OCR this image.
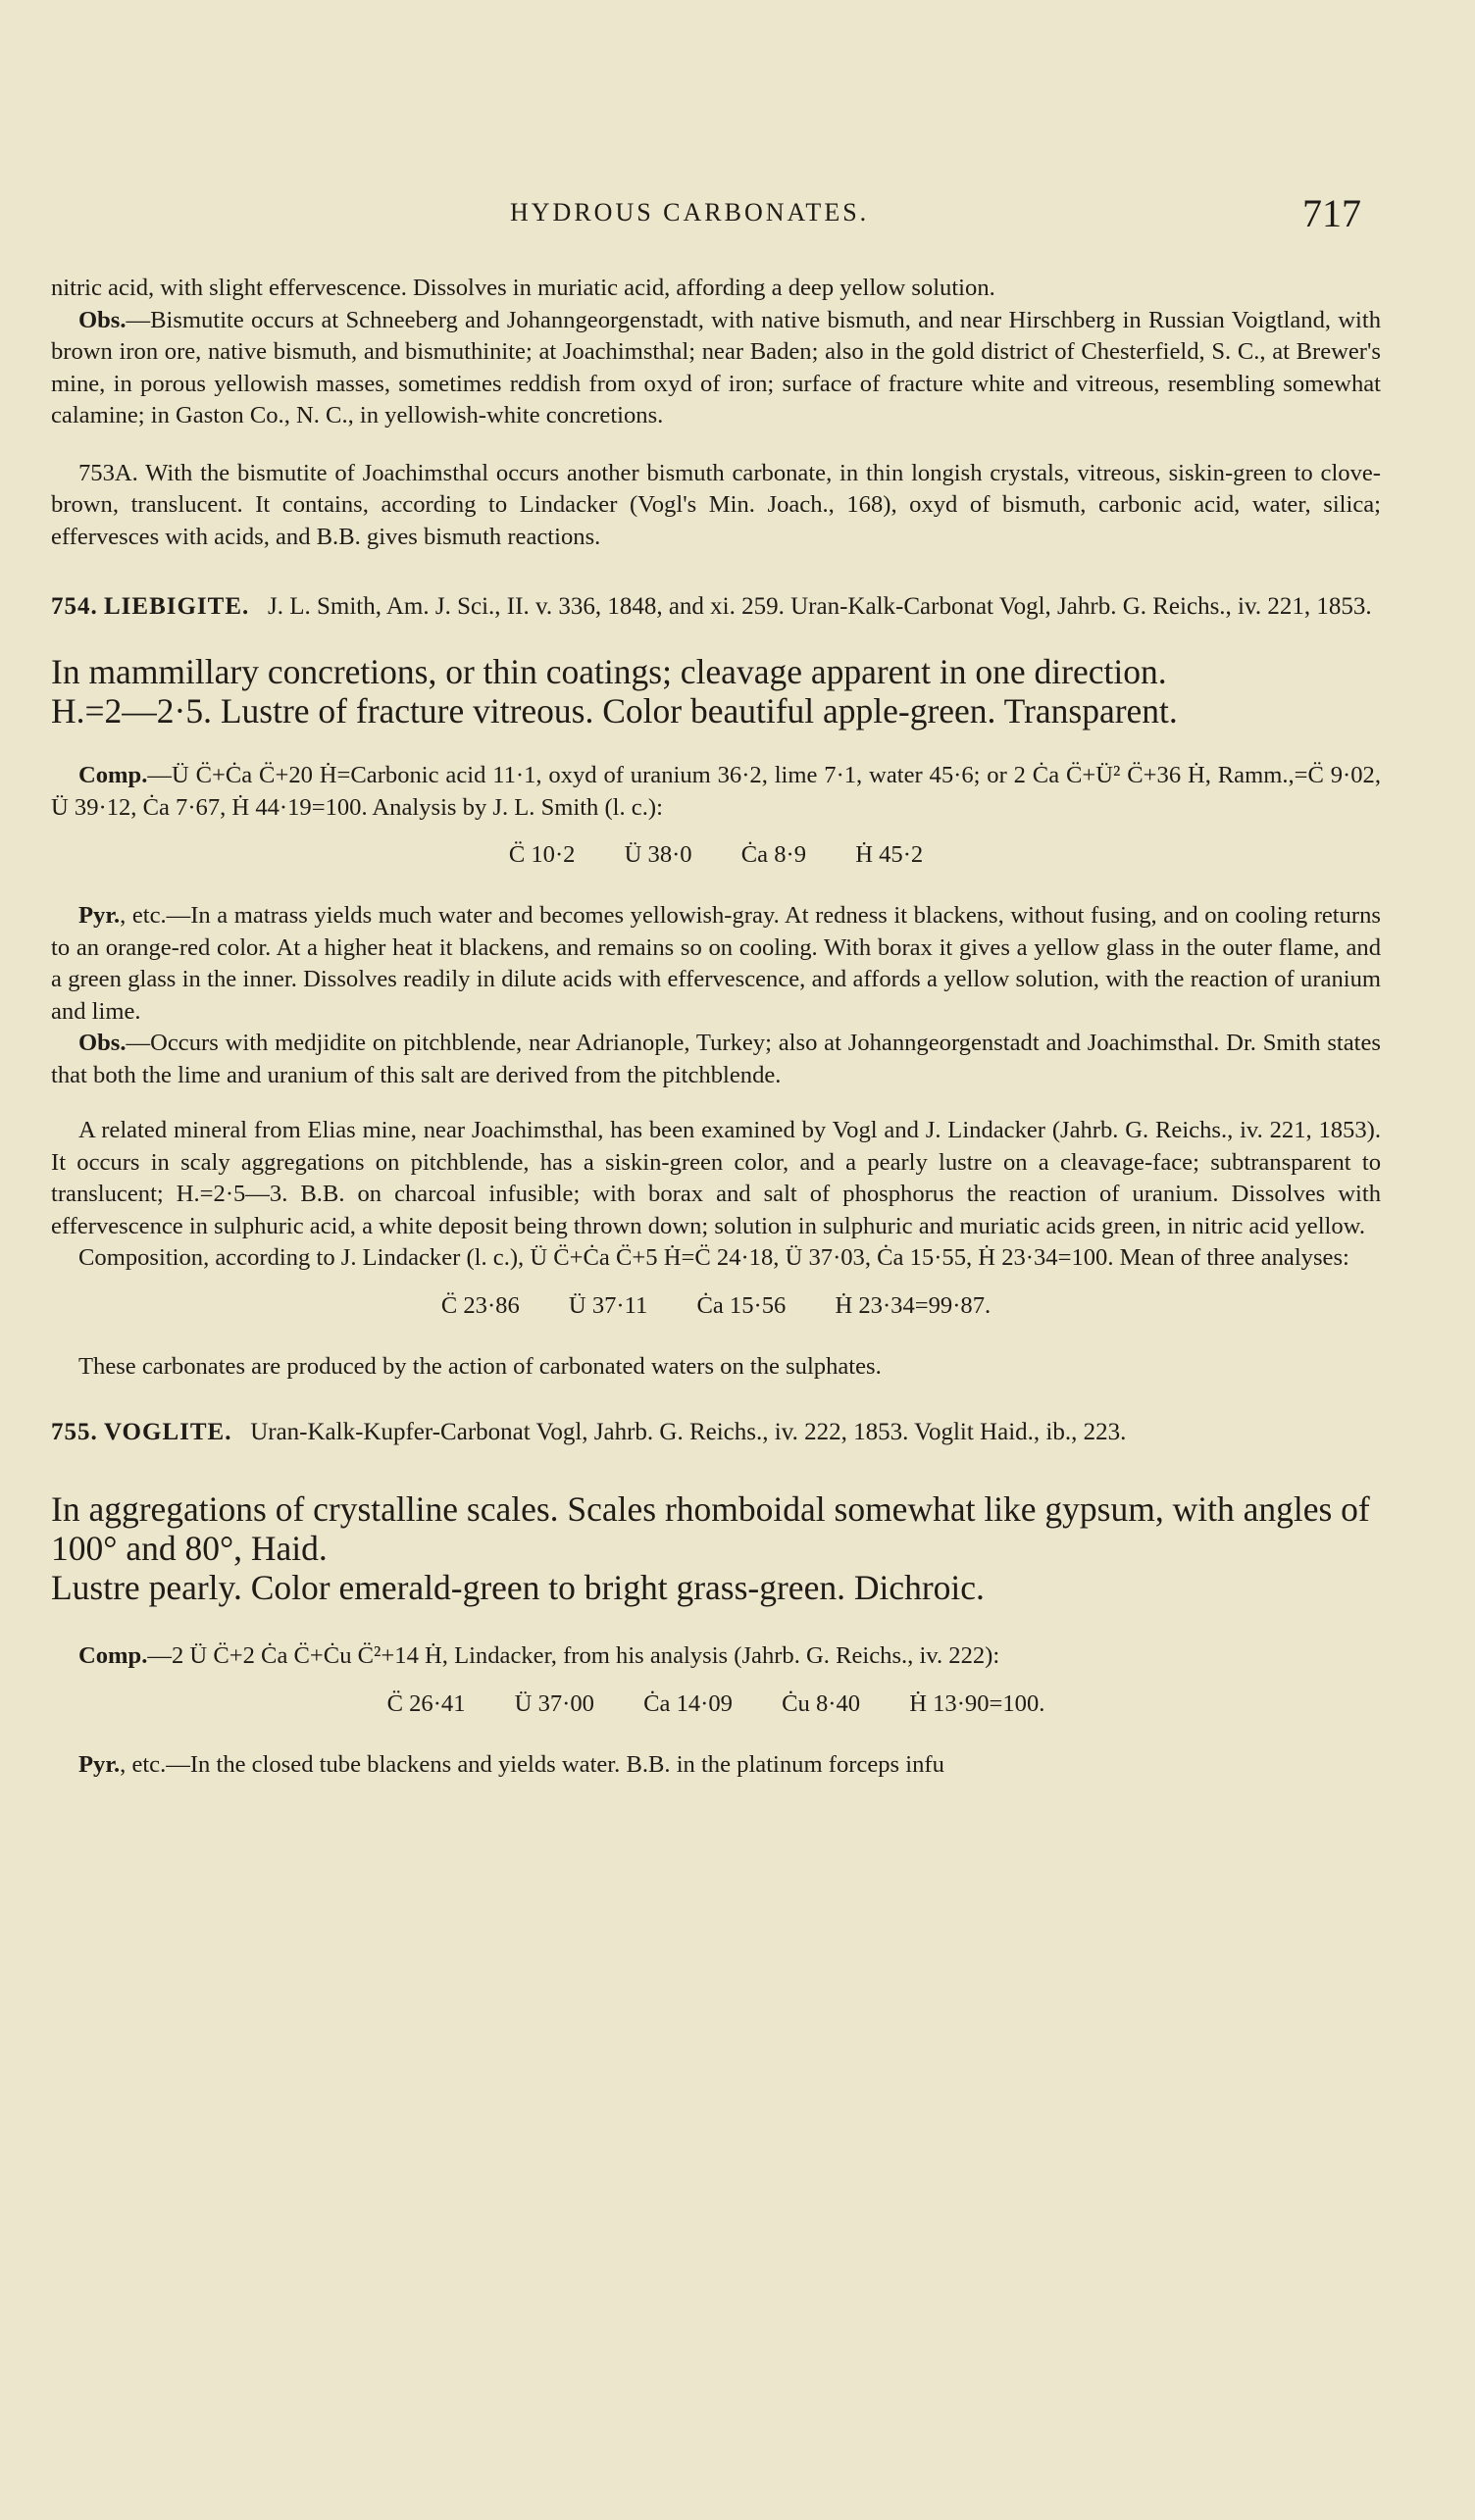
HYDROUS CARBONATES.	717

nitric acid, with slight effervescence. Dissolves in muriatic acid, affording a deep yellow solution.

Obs.—Bismutite occurs at Schneeberg and Johanngeorgenstadt, with native bismuth, and near Hirschberg in Russian Voigtland, with brown iron ore, native bismuth, and bismuthinite; at Joachimsthal; near Baden; also in the gold district of Chesterfield, S. C., at Brewer's mine, in porous yellowish masses, sometimes reddish from oxyd of iron; surface of fracture white and vitreous, resembling somewhat calamine; in Gaston Co., N. C., in yellowish-white concretions.

753A. With the bismutite of Joachimsthal occurs another bismuth carbonate, in thin longish crystals, vitreous, siskin-green to clove-brown, translucent. It contains, according to Lindacker (Vogl's Min. Joach., 168), oxyd of bismuth, carbonic acid, water, silica; effervesces with acids, and B.B. gives bismuth reactions.

754. LIEBIGITE. J. L. Smith, Am. J. Sci., II. v. 336, 1848, and xi. 259. Uran-Kalk-Carbonat Vogl, Jahrb. G. Reichs., iv. 221, 1853.

In mammillary concretions, or thin coatings; cleavage apparent in one direction.

H.=2—2·5. Lustre of fracture vitreous. Color beautiful apple-green. Transparent.

Comp.—Ü C̈+Ċa C̈+20 Ḣ=Carbonic acid 11·1, oxyd of uranium 36·2, lime 7·1, water 45·6; or 2 Ċa C̈+Ü² C̈+36 Ḣ, Ramm.,=C̈ 9·02, Ü 39·12, Ċa 7·67, Ḣ 44·19=100. Analysis by J. L. Smith (l. c.):

C̈ 10·2 Ü 38·0 Ċa 8·9 Ḣ 45·2

Pyr., etc.—In a matrass yields much water and becomes yellowish-gray. At redness it blackens, without fusing, and on cooling returns to an orange-red color. At a higher heat it blackens, and remains so on cooling. With borax it gives a yellow glass in the outer flame, and a green glass in the inner. Dissolves readily in dilute acids with effervescence, and affords a yellow solution, with the reaction of uranium and lime.

Obs.—Occurs with medjidite on pitchblende, near Adrianople, Turkey; also at Johanngeorgenstadt and Joachimsthal. Dr. Smith states that both the lime and uranium of this salt are derived from the pitchblende.

A related mineral from Elias mine, near Joachimsthal, has been examined by Vogl and J. Lindacker (Jahrb. G. Reichs., iv. 221, 1853). It occurs in scaly aggregations on pitchblende, has a siskin-green color, and a pearly lustre on a cleavage-face; subtransparent to translucent; H.=2·5—3. B.B. on charcoal infusible; with borax and salt of phosphorus the reaction of uranium. Dissolves with effervescence in sulphuric acid, a white deposit being thrown down; solution in sulphuric and muriatic acids green, in nitric acid yellow.

Composition, according to J. Lindacker (l. c.), Ü C̈+Ċa C̈+5 Ḣ=C̈ 24·18, Ü 37·03, Ċa 15·55, Ḣ 23·34=100. Mean of three analyses:

C̈ 23·86 Ü 37·11 Ċa 15·56 Ḣ 23·34=99·87.

These carbonates are produced by the action of carbonated waters on the sulphates.

755. VOGLITE. Uran-Kalk-Kupfer-Carbonat Vogl, Jahrb. G. Reichs., iv. 222, 1853. Voglit Haid., ib., 223.

In aggregations of crystalline scales. Scales rhomboidal somewhat like gypsum, with angles of 100° and 80°, Haid.

Lustre pearly. Color emerald-green to bright grass-green. Dichroic.

Comp.—2 Ü C̈+2 Ċa C̈+Ċu C̈²+14 Ḣ, Lindacker, from his analysis (Jahrb. G. Reichs., iv. 222):

C̈ 26·41 Ü 37·00 Ċa 14·09 Ċu 8·40 Ḣ 13·90=100.

Pyr., etc.—In the closed tube blackens and yields water. B.B. in the platinum forceps infu
